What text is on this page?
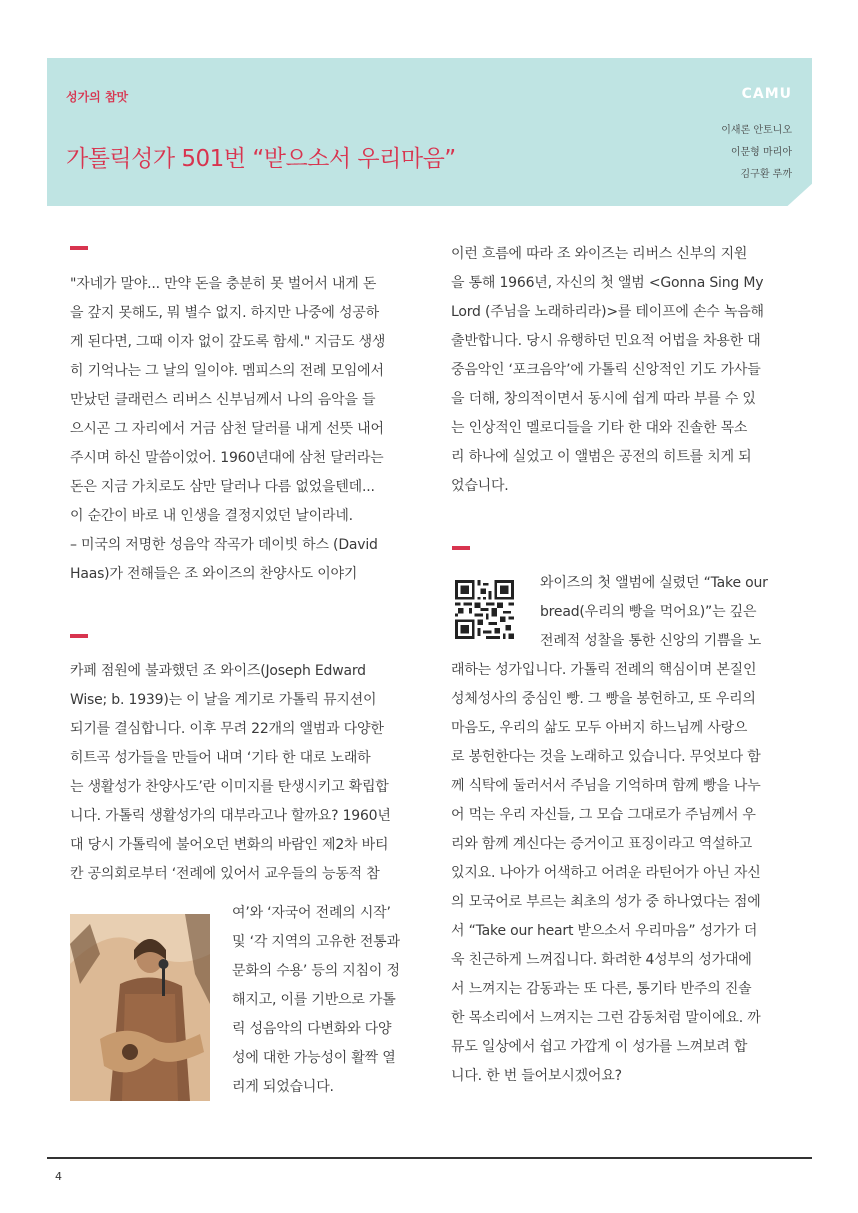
성가의 참맛	CAMU
가톨릭성가 501번 “받으소서 우리마음”
이새론 안토니오
이문형 마리아
김구환 루까
"자네가 말야... 만약 돈을 충분히 못 벌어서 내게 돈
을 갚지 못해도, 뭐 별수 없지. 하지만 나중에 성공하
게 된다면, 그때 이자 없이 갚도록 함세." 지금도 생생
히 기억나는 그 날의 일이야. 멤피스의 전례 모임에서
만났던 클래런스 리버스 신부님께서 나의 음악을 들
으시곤 그 자리에서 거금 삼천 달러를 내게 선뜻 내어
주시며 하신 말씀이었어. 1960년대에 삼천 달러라는
돈은 지금 가치로도 삼만 달러나 다름 없었을텐데...
이 순간이 바로 내 인생을 결정지었던 날이라네.
– 미국의 저명한 성음악 작곡가 데이빗 하스 (David
Haas)가 전해들은 조 와이즈의 찬양사도 이야기
카페 점원에 불과했던 조 와이즈(Joseph Edward
Wise; b. 1939)는 이 날을 계기로 가톨릭 뮤지션이
되기를 결심합니다. 이후 무려 22개의 앨범과 다양한
히트곡 성가들을 만들어 내며 ‘기타 한 대로 노래하
는 생활성가 찬양사도’란 이미지를 탄생시키고 확립합
니다. 가톨릭 생활성가의 대부라고나 할까요? 1960년
대 당시 가톨릭에 불어오던 변화의 바람인 제2차 바티
칸 공의회로부터 ‘전례에 있어서 교우들의 능동적 참
여’와 ‘자국어 전례의 시작’
및 ‘각 지역의 고유한 전통과
문화의 수용’ 등의 지침이 정
해지고, 이를 기반으로 가톨
릭 성음악의 다변화와 다양
성에 대한 가능성이 활짝 열
리게 되었습니다.
이런 흐름에 따라 조 와이즈는 리버스 신부의 지원
을 통해 1966년, 자신의 첫 앨범 <Gonna Sing My
Lord (주님을 노래하리라)>를 테이프에 손수 녹음해
출반합니다. 당시 유행하던 민요적 어법을 차용한 대
중음악인 ‘포크음악’에 가톨릭 신앙적인 기도 가사들
을 더해, 창의적이면서 동시에 쉽게 따라 부를 수 있
는 인상적인 멜로디들을 기타 한 대와 진솔한 목소
리 하나에 실었고 이 앨범은 공전의 히트를 치게 되
었습니다.
와이즈의 첫 앨범에 실렸던 “Take our
bread(우리의 빵을 먹어요)”는 깊은
전례적 성찰을 통한 신앙의 기쁨을 노
래하는 성가입니다. 가톨릭 전례의 핵심이며 본질인
성체성사의 중심인 빵. 그 빵을 봉헌하고, 또 우리의
마음도, 우리의 삶도 모두 아버지 하느님께 사랑으
로 봉헌한다는 것을 노래하고 있습니다. 무엇보다 함
께 식탁에 둘러서서 주님을 기억하며 함께 빵을 나누
어 먹는 우리 자신들, 그 모습 그대로가 주님께서 우
리와 함께 계신다는 증거이고 표징이라고 역설하고
있지요. 나아가 어색하고 어려운 라틴어가 아닌 자신
의 모국어로 부르는 최초의 성가 중 하나였다는 점에
서 “Take our heart 받으소서 우리마음” 성가가 더
욱 친근하게 느껴집니다. 화려한 4성부의 성가대에
서 느껴지는 감동과는 또 다른, 통기타 반주의 진솔
한 목소리에서 느껴지는 그런 감동처럼 말이에요. 까
뮤도 일상에서 쉽고 가깝게 이 성가를 느껴보려 합
니다. 한 번 들어보시겠어요?
4
